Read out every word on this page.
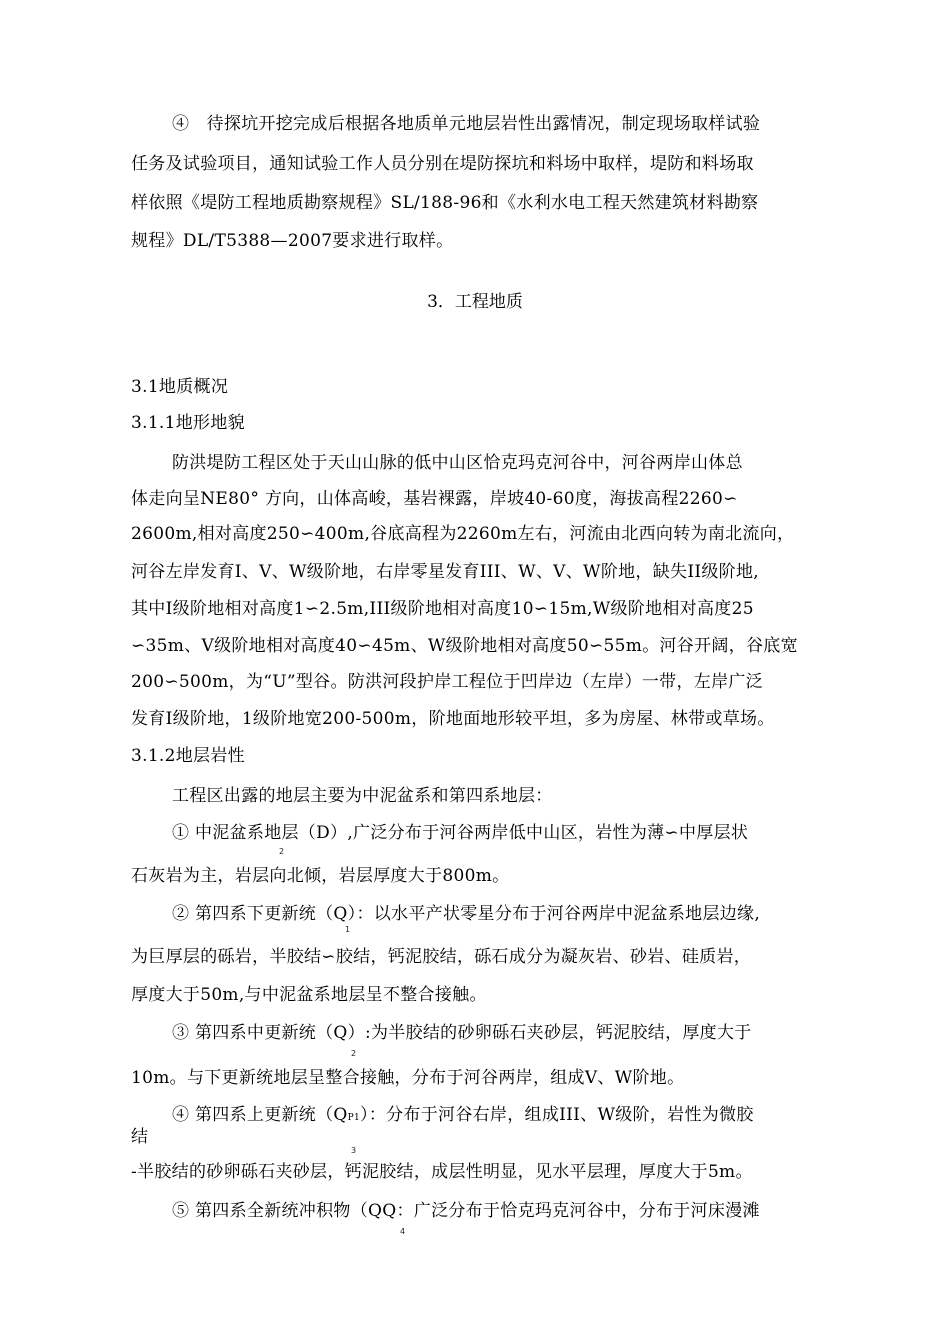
④　待探坑开挖完成后根据各地质单元地层岩性出露情况，制定现场取样试验
任务及试验项目，通知试验工作人员分别在堤防探坑和料场中取样，堤防和料场取
样依照《堤防工程地质勘察规程》SL/188-96和《水利水电工程天然建筑材料勘察
规程》DL/T5388—2007要求进行取样。
3．工程地质
3.1地质概况
3.1.1地形地貌
防洪堤防工程区处于天山山脉的低中山区恰克玛克河谷中，河谷两岸山体总
体走向呈NE80° 方向，山体高峻，基岩裸露，岸坡40-60度，海拔高程2260∽
2600m,相对高度250∽400m,谷底高程为2260m左右，河流由北西向转为南北流向，
河谷左岸发育I、V、W级阶地，右岸零星发育III、W、V、W阶地，缺失II级阶地,
其中I级阶地相对高度1∽2.5m,III级阶地相对高度10∽15m,W级阶地相对高度25
∽35m、V级阶地相对高度40∽45m、W级阶地相对高度50∽55m。河谷开阔，谷底宽
200∽500m，为“U”型谷。防洪河段护岸工程位于凹岸边（左岸）一带，左岸广泛
发育I级阶地，1级阶地宽200-500m，阶地面地形较平坦，多为房屋、林带或草场。
3.1.2地层岩性
工程区出露的地层主要为中泥盆系和第四系地层：
① 中泥盆系地层（D）,广泛分布于河谷两岸低中山区，岩性为薄∽中厚层状
2
石灰岩为主，岩层向北倾，岩层厚度大于800m。
② 第四系下更新统（Q）：以水平产状零星分布于河谷两岸中泥盆系地层边缘,
1
为巨厚层的砾岩，半胶结∽胶结，钙泥胶结，砾石成分为凝灰岩、砂岩、硅质岩，
厚度大于50m,与中泥盆系地层呈不整合接触。
③ 第四系中更新统（Q）:为半胶结的砂卵砾石夹砂层，钙泥胶结，厚度大于
2
10m。与下更新统地层呈整合接触，分布于河谷两岸，组成V、W阶地。
④ 第四系上更新统（QP1）：分布于河谷右岸，组成III、W级阶，岩性为微胶
结
3
-半胶结的砂卵砾石夹砂层，钙泥胶结，成层性明显，见水平层理，厚度大于5m。
⑤ 第四系全新统冲积物（QQ：广泛分布于恰克玛克河谷中，分布于河床漫滩
4
